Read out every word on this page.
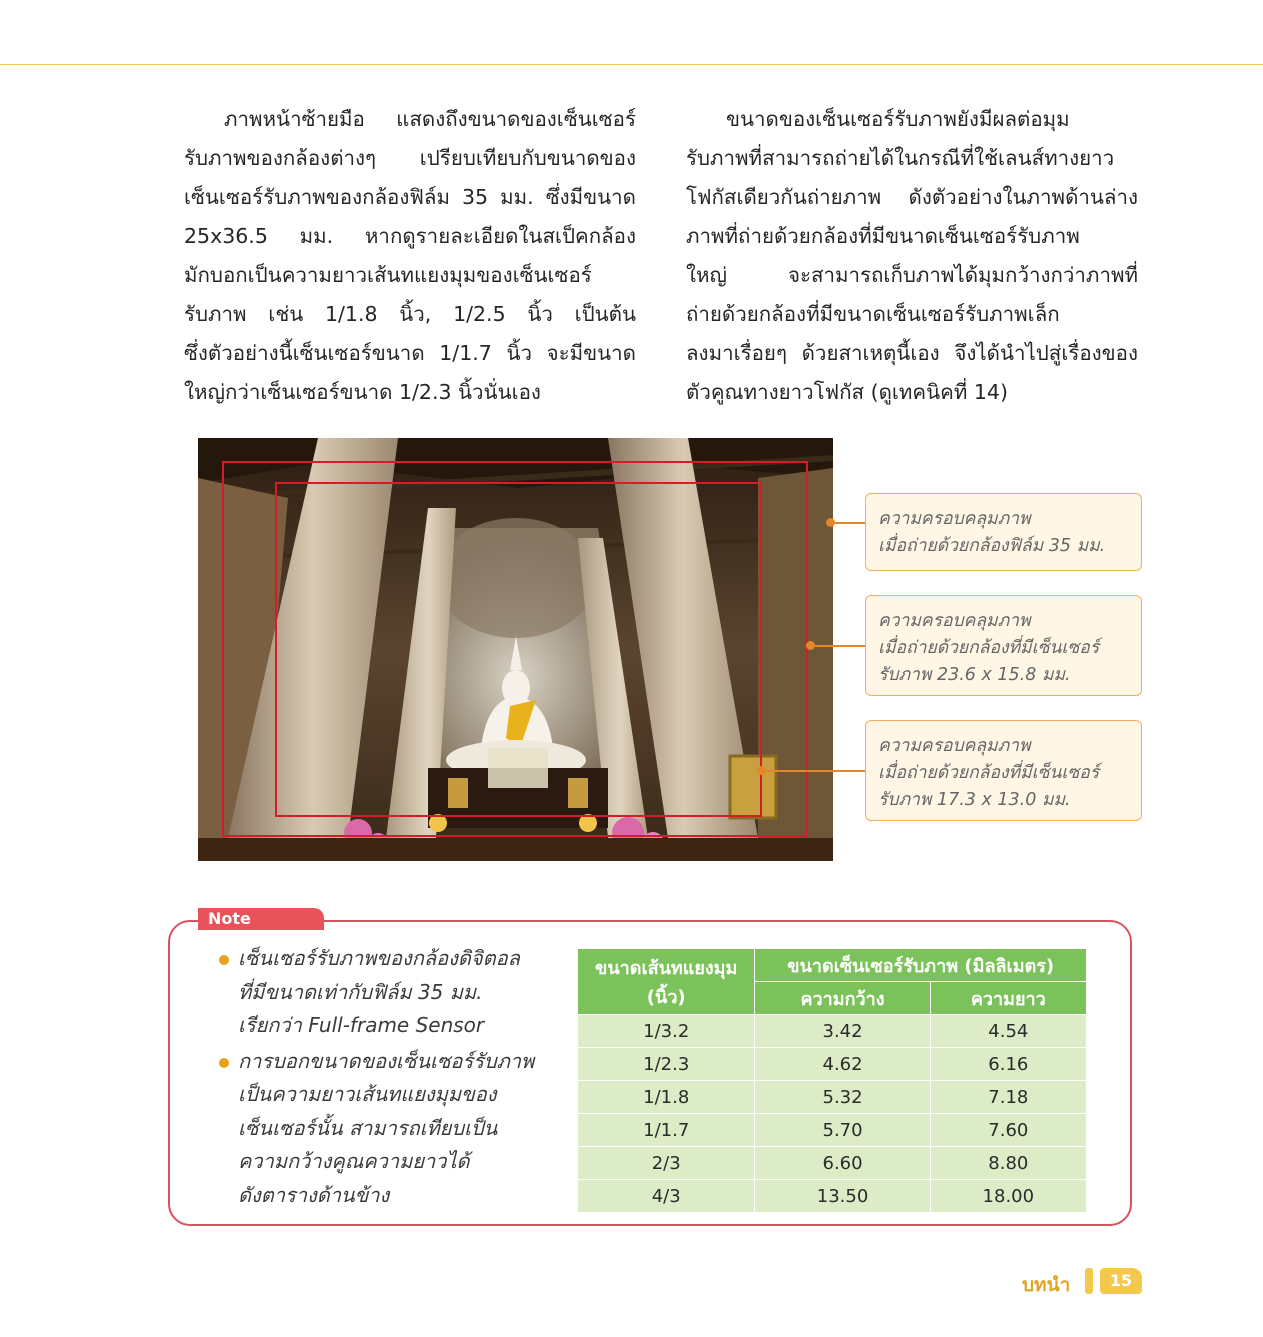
ภาพหน้าซ้ายมือ แสดงถึงขนาดของเซ็นเซอร์
รับภาพของกล้องต่างๆ เปรียบเทียบกับขนาดของ
เซ็นเซอร์รับภาพของกล้องฟิล์ม 35 มม. ซึ่งมีขนาด
25x36.5 มม. หากดูรายละเอียดในสเป็คกล้อง
มักบอกเป็นความยาวเส้นทแยงมุมของเซ็นเซอร์
รับภาพ เช่น 1/1.8 นิ้ว, 1/2.5 นิ้ว เป็นต้น
ซึ่งตัวอย่างนี้เซ็นเซอร์ขนาด 1/1.7 นิ้ว จะมีขนาด
ใหญ่กว่าเซ็นเซอร์ขนาด 1/2.3 นิ้วนั่นเอง

ขนาดของเซ็นเซอร์รับภาพยังมีผลต่อมุม
รับภาพที่สามารถถ่ายได้ในกรณีที่ใช้เลนส์ทางยาว
โฟกัสเดียวกันถ่ายภาพ ดังตัวอย่างในภาพด้านล่าง
ภาพที่ถ่ายด้วยกล้องที่มีขนาดเซ็นเซอร์รับภาพ
ใหญ่ จะสามารถเก็บภาพได้มุมกว้างกว่าภาพที่
ถ่ายด้วยกล้องที่มีขนาดเซ็นเซอร์รับภาพเล็ก
ลงมาเรื่อยๆ ด้วยสาเหตุนี้เอง จึงได้นำไปสู่เรื่องของ
ตัวคูณทางยาวโฟกัส (ดูเทคนิคที่ 14)

ความครอบคลุมภาพ
เมื่อถ่ายด้วยกล้องฟิล์ม 35 มม.
ความครอบคลุมภาพ
เมื่อถ่ายด้วยกล้องที่มีเซ็นเซอร์
รับภาพ 23.6 x 15.8 มม.
ความครอบคลุมภาพ
เมื่อถ่ายด้วยกล้องที่มีเซ็นเซอร์
รับภาพ 17.3 x 13.0 มม.
Note
เซ็นเซอร์รับภาพของกล้องดิจิตอล
ที่มีขนาดเท่ากับฟิล์ม 35 มม.
เรียกว่า Full-frame Sensor
การบอกขนาดของเซ็นเซอร์รับภาพ
เป็นความยาวเส้นทแยงมุมของ
เซ็นเซอร์นั้น สามารถเทียบเป็น
ความกว้างคูณความยาวได้
ดังตารางด้านข้าง
ขนาดเส้นทแยงมุม
(นิ้ว)	ขนาดเซ็นเซอร์รับภาพ (มิลลิเมตร)	
	ความกว้าง	ความยาว
1/3.2	3.42	4.54
1/2.3	4.62	6.16
1/1.8	5.32	7.18
1/1.7	5.70	7.60
2/3	6.60	8.80
4/3	13.50	18.00
บทนำ	15
